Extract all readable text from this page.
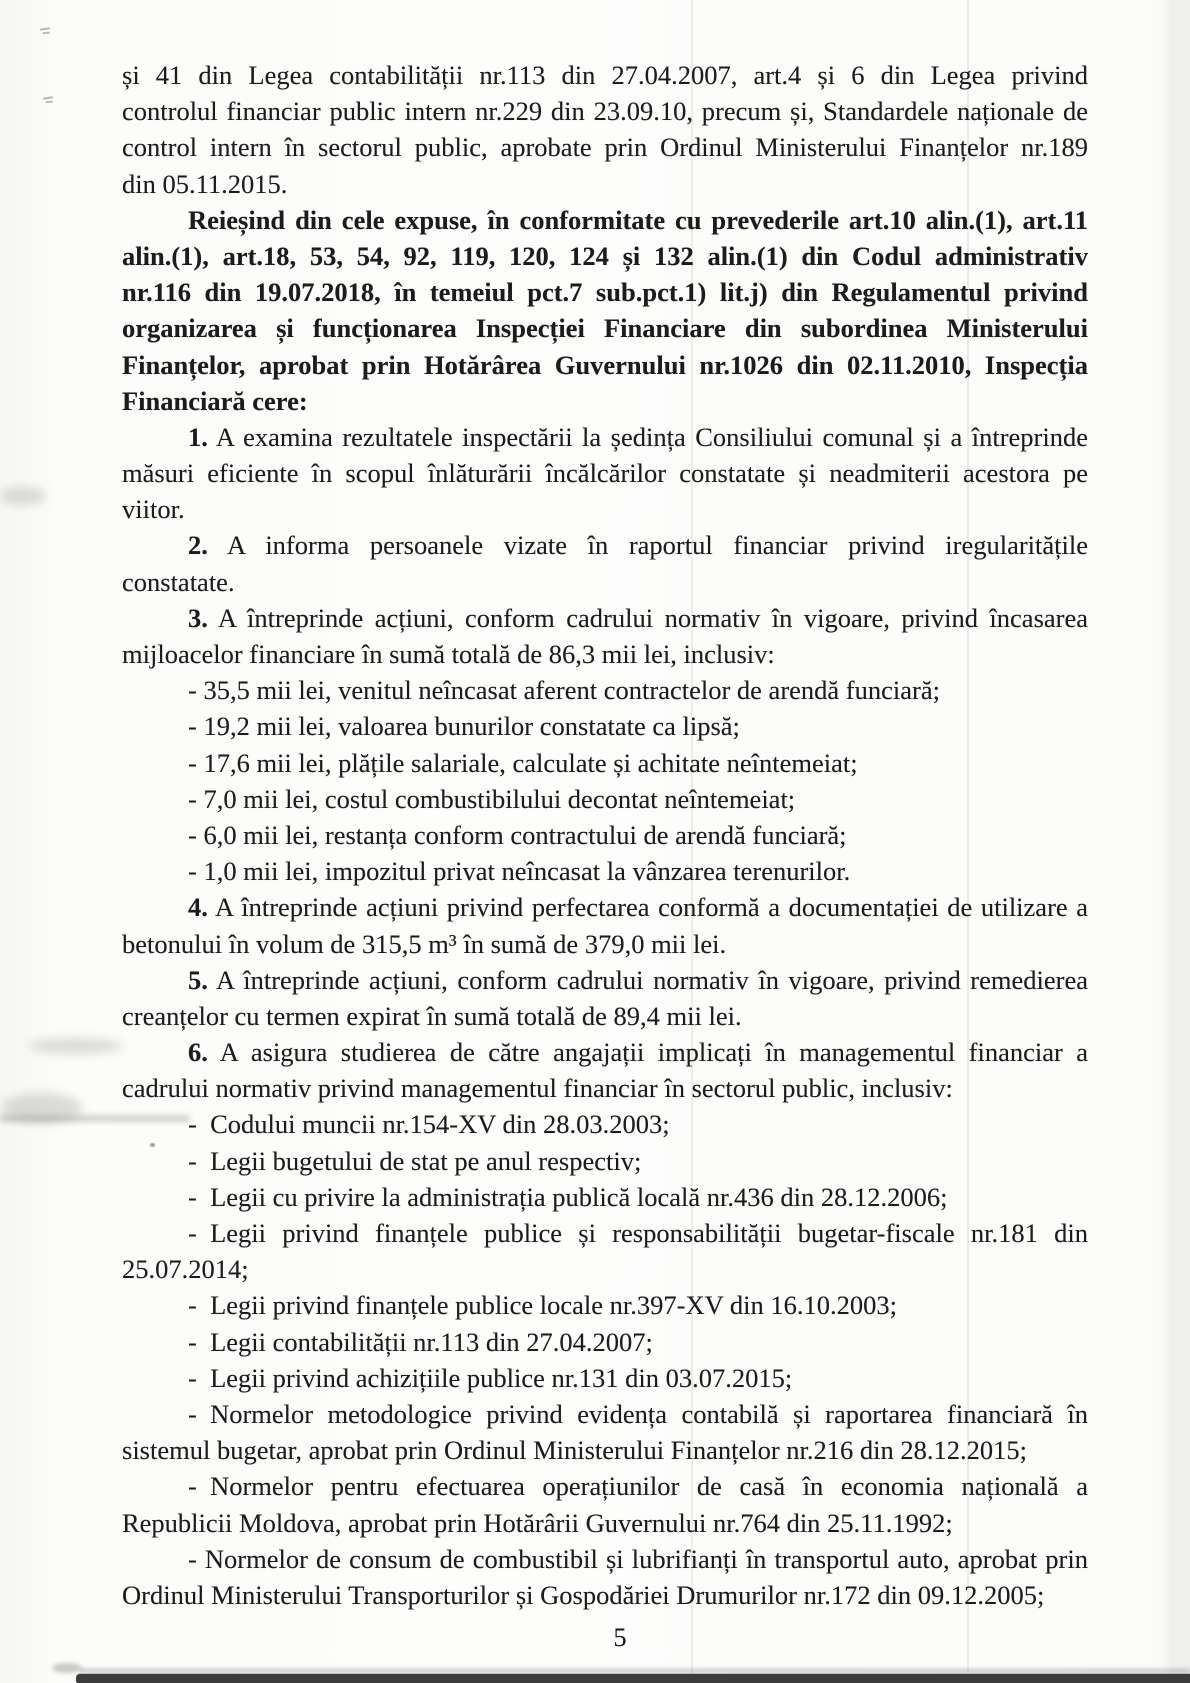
și 41 din Legea contabilității nr.113 din 27.04.2007, art.4 și 6 din Legea privind
controlul financiar public intern nr.229 din 23.09.10, precum și, Standardele naționale de
control intern în sectorul public, aprobate prin Ordinul Ministerului Finanțelor nr.189
din 05.11.2015.
Reieșind din cele expuse, în conformitate cu prevederile art.10 alin.(1), art.11
alin.(1), art.18, 53, 54, 92, 119, 120, 124 și 132 alin.(1) din Codul administrativ
nr.116 din 19.07.2018, în temeiul pct.7 sub.pct.1) lit.j) din Regulamentul privind
organizarea și funcționarea Inspecției Financiare din subordinea Ministerului
Finanțelor, aprobat prin Hotărârea Guvernului nr.1026 din 02.11.2010, Inspecția
Financiară cere:
1. A examina rezultatele inspectării la ședința Consiliului comunal și a întreprinde
măsuri eficiente în scopul înlăturării încălcărilor constatate și neadmiterii acestora pe
viitor.
2. A informa persoanele vizate în raportul financiar privind iregularitățile
constatate.
3. A întreprinde acțiuni, conform cadrului normativ în vigoare, privind încasarea
mijloacelor financiare în sumă totală de 86,3 mii lei, inclusiv:
- 35,5 mii lei, venitul neîncasat aferent contractelor de arendă funciară;
- 19,2 mii lei, valoarea bunurilor constatate ca lipsă;
- 17,6 mii lei, plățile salariale, calculate și achitate neîntemeiat;
- 7,0 mii lei, costul combustibilului decontat neîntemeiat;
- 6,0 mii lei, restanța conform contractului de arendă funciară;
- 1,0 mii lei, impozitul privat neîncasat la vânzarea terenurilor.
4. A întreprinde acțiuni privind perfectarea conformă a documentației de utilizare a
betonului în volum de 315,5 m³ în sumă de 379,0 mii lei.
5. A întreprinde acțiuni, conform cadrului normativ în vigoare, privind remedierea
creanțelor cu termen expirat în sumă totală de 89,4 mii lei.
6. A asigura studierea de către angajații implicați în managementul financiar a
cadrului normativ privind managementul financiar în sectorul public, inclusiv:
- Codului muncii nr.154-XV din 28.03.2003;
- Legii bugetului de stat pe anul respectiv;
- Legii cu privire la administrația publică locală nr.436 din 28.12.2006;
- Legii privind finanțele publice și responsabilității bugetar-fiscale nr.181 din
25.07.2014;
- Legii privind finanțele publice locale nr.397-XV din 16.10.2003;
- Legii contabilității nr.113 din 27.04.2007;
- Legii privind achizițiile publice nr.131 din 03.07.2015;
- Normelor metodologice privind evidența contabilă și raportarea financiară în
sistemul bugetar, aprobat prin Ordinul Ministerului Finanțelor nr.216 din 28.12.2015;
- Normelor pentru efectuarea operațiunilor de casă în economia națională a
Republicii Moldova, aprobat prin Hotărârii Guvernului nr.764 din 25.11.1992;
- Normelor de consum de combustibil și lubrifianți în transportul auto, aprobat prin
Ordinul Ministerului Transporturilor și Gospodăriei Drumurilor nr.172 din 09.12.2005;
5
